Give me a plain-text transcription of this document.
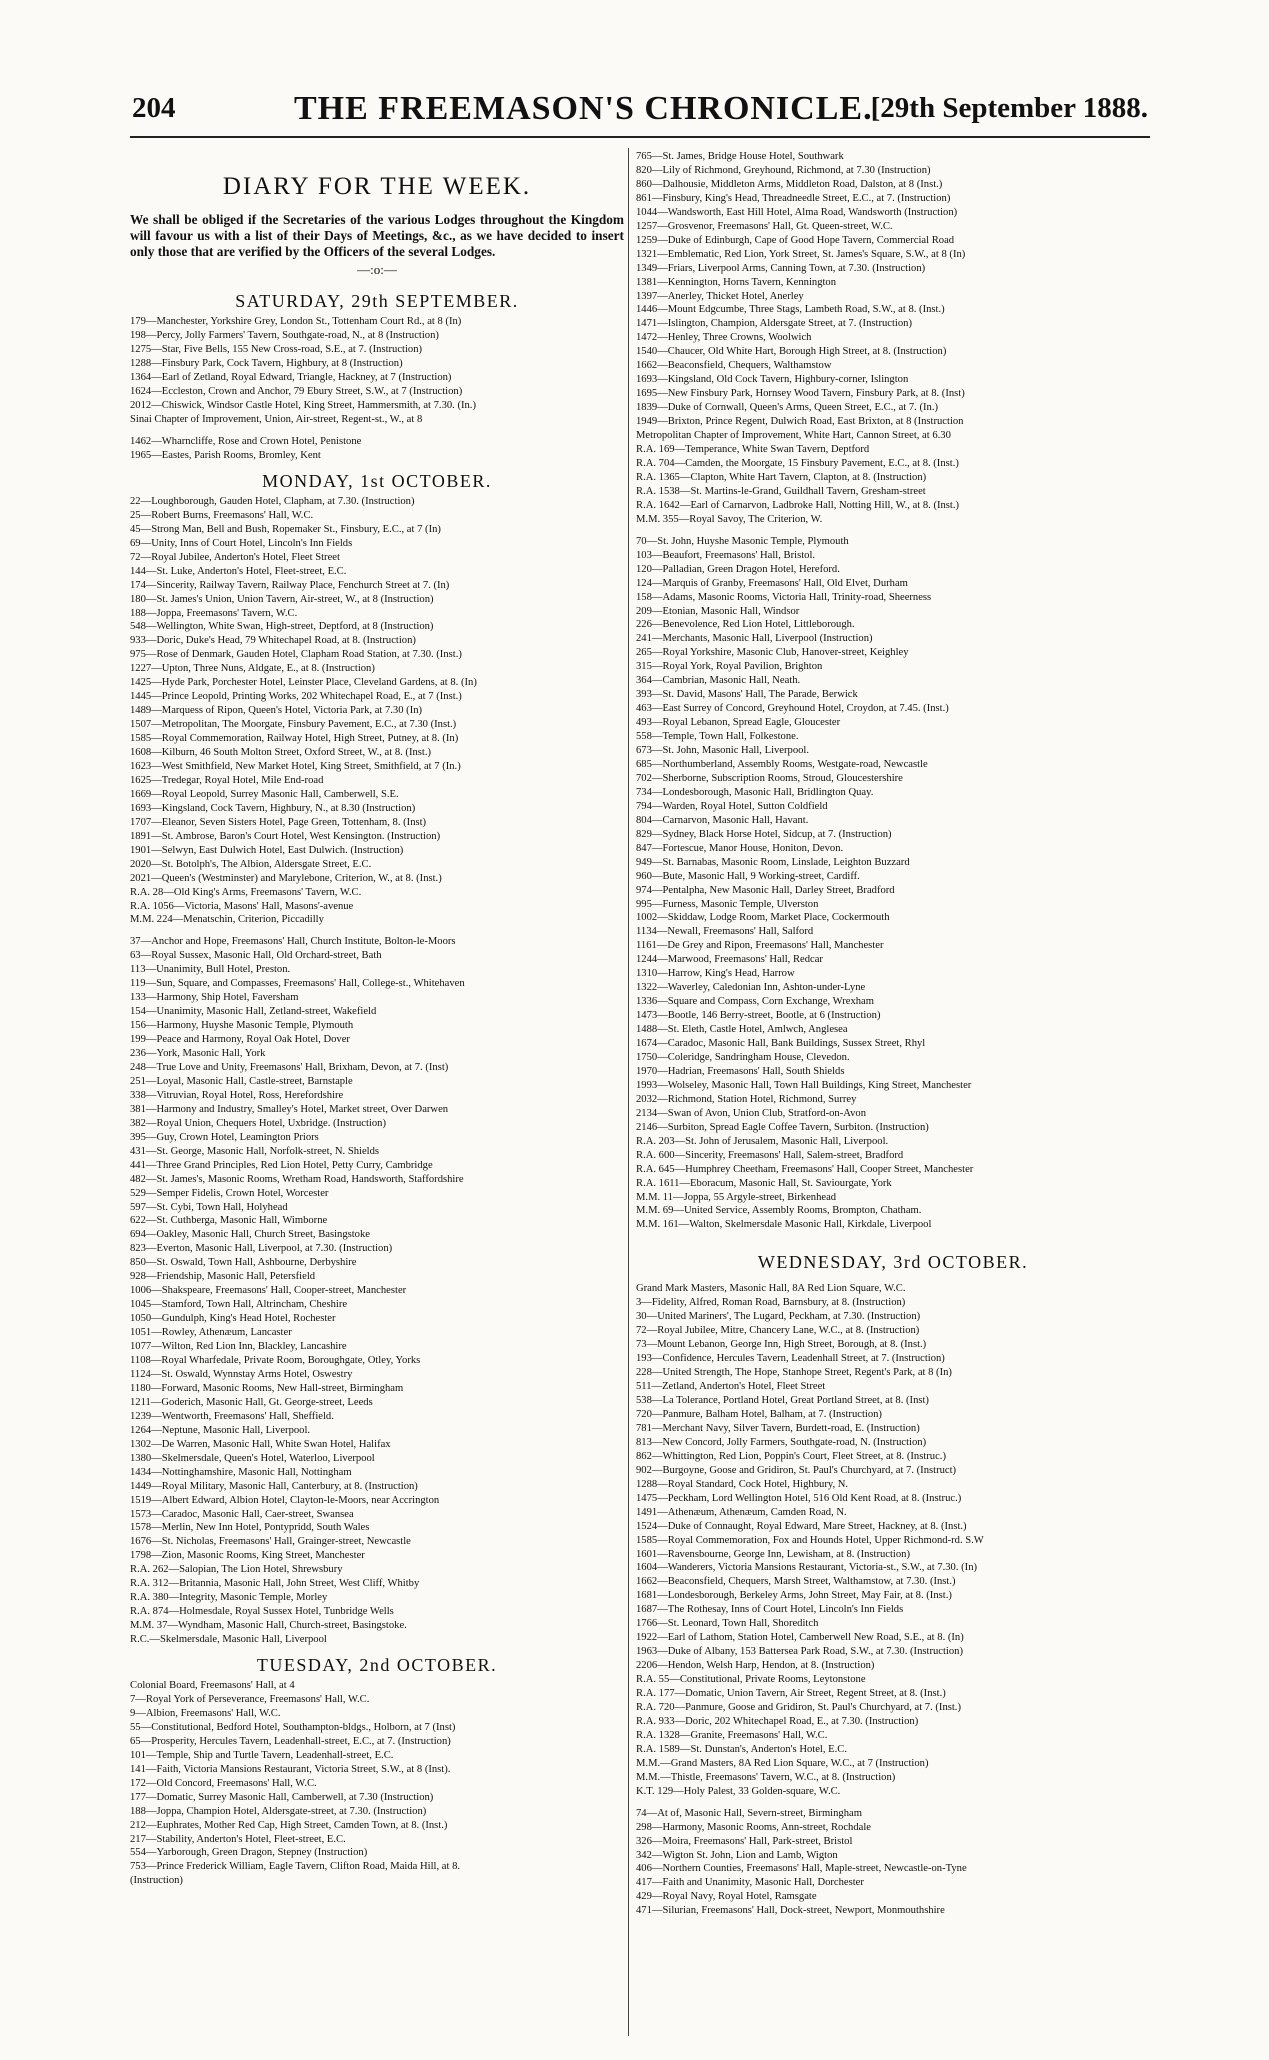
204	THE FREEMASON'S CHRONICLE.
[29th September 1888.
DIARY FOR THE WEEK.
We shall be obliged if the Secretaries of the various Lodges throughout the Kingdom will favour us with a list of their Days of Meetings, &c., as we have decided to insert only those that are verified by the Officers of the several Lodges.
—:o:—
SATURDAY, 29th SEPTEMBER.
179—Manchester, Yorkshire Grey, London St., Tottenham Court Rd., at 8 (In)
198—Percy, Jolly Farmers' Tavern, Southgate-road, N., at 8 (Instruction)
1275—Star, Five Bells, 155 New Cross-road, S.E., at 7. (Instruction)
1288—Finsbury Park, Cock Tavern, Highbury, at 8 (Instruction)
1364—Earl of Zetland, Royal Edward, Triangle, Hackney, at 7 (Instruction)
1624—Eccleston, Crown and Anchor, 79 Ebury Street, S.W., at 7 (Instruction)
2012—Chiswick, Windsor Castle Hotel, King Street, Hammersmith, at 7.30. (In.)
Sinai Chapter of Improvement, Union, Air-street, Regent-st., W., at 8
1462—Wharncliffe, Rose and Crown Hotel, Penistone
1965—Eastes, Parish Rooms, Bromley, Kent
MONDAY, 1st OCTOBER.
22—Loughborough, Gauden Hotel, Clapham, at 7.30. (Instruction)
25—Robert Burns, Freemasons' Hall, W.C.
45—Strong Man, Bell and Bush, Ropemaker St., Finsbury, E.C., at 7 (In)
69—Unity, Inns of Court Hotel, Lincoln's Inn Fields
72—Royal Jubilee, Anderton's Hotel, Fleet Street
144—St. Luke, Anderton's Hotel, Fleet-street, E.C.
174—Sincerity, Railway Tavern, Railway Place, Fenchurch Street at 7. (In)
180—St. James's Union, Union Tavern, Air-street, W., at 8 (Instruction)
188—Joppa, Freemasons' Tavern, W.C.
548—Wellington, White Swan, High-street, Deptford, at 8 (Instruction)
933—Doric, Duke's Head, 79 Whitechapel Road, at 8. (Instruction)
975—Rose of Denmark, Gauden Hotel, Clapham Road Station, at 7.30. (Inst.)
1227—Upton, Three Nuns, Aldgate, E., at 8. (Instruction)
1425—Hyde Park, Porchester Hotel, Leinster Place, Cleveland Gardens, at 8. (In)
1445—Prince Leopold, Printing Works, 202 Whitechapel Road, E., at 7 (Inst.)
1489—Marquess of Ripon, Queen's Hotel, Victoria Park, at 7.30 (In)
1507—Metropolitan, The Moorgate, Finsbury Pavement, E.C., at 7.30 (Inst.)
1585—Royal Commemoration, Railway Hotel, High Street, Putney, at 8. (In)
1608—Kilburn, 46 South Molton Street, Oxford Street, W., at 8. (Inst.)
1623—West Smithfield, New Market Hotel, King Street, Smithfield, at 7 (In.)
1625—Tredegar, Royal Hotel, Mile End-road
1669—Royal Leopold, Surrey Masonic Hall, Camberwell, S.E.
1693—Kingsland, Cock Tavern, Highbury, N., at 8.30 (Instruction)
1707—Eleanor, Seven Sisters Hotel, Page Green, Tottenham, 8. (Inst)
1891—St. Ambrose, Baron's Court Hotel, West Kensington. (Instruction)
1901—Selwyn, East Dulwich Hotel, East Dulwich. (Instruction)
2020—St. Botolph's, The Albion, Aldersgate Street, E.C.
2021—Queen's (Westminster) and Marylebone, Criterion, W., at 8. (Inst.)
R.A. 28—Old King's Arms, Freemasons' Tavern, W.C.
R.A. 1056—Victoria, Masons' Hall, Masons'-avenue
M.M. 224—Menatschin, Criterion, Piccadilly
37—Anchor and Hope, Freemasons' Hall, Church Institute, Bolton-le-Moors
63—Royal Sussex, Masonic Hall, Old Orchard-street, Bath
113—Unanimity, Bull Hotel, Preston.
119—Sun, Square, and Compasses, Freemasons' Hall, College-st., Whitehaven
133—Harmony, Ship Hotel, Faversham
154—Unanimity, Masonic Hall, Zetland-street, Wakefield
156—Harmony, Huyshe Masonic Temple, Plymouth
199—Peace and Harmony, Royal Oak Hotel, Dover
236—York, Masonic Hall, York
248—True Love and Unity, Freemasons' Hall, Brixham, Devon, at 7. (Inst)
251—Loyal, Masonic Hall, Castle-street, Barnstaple
338—Vitruvian, Royal Hotel, Ross, Herefordshire
381—Harmony and Industry, Smalley's Hotel, Market street, Over Darwen
382—Royal Union, Chequers Hotel, Uxbridge. (Instruction)
395—Guy, Crown Hotel, Leamington Priors
431—St. George, Masonic Hall, Norfolk-street, N. Shields
441—Three Grand Principles, Red Lion Hotel, Petty Curry, Cambridge
482—St. James's, Masonic Rooms, Wretham Road, Handsworth, Staffordshire
529—Semper Fidelis, Crown Hotel, Worcester
597—St. Cybi, Town Hall, Holyhead
622—St. Cuthberga, Masonic Hall, Wimborne
694—Oakley, Masonic Hall, Church Street, Basingstoke
823—Everton, Masonic Hall, Liverpool, at 7.30. (Instruction)
850—St. Oswald, Town Hall, Ashbourne, Derbyshire
928—Friendship, Masonic Hall, Petersfield
1006—Shakspeare, Freemasons' Hall, Cooper-street, Manchester
1045—Stamford, Town Hall, Altrincham, Cheshire
1050—Gundulph, King's Head Hotel, Rochester
1051—Rowley, Athenæum, Lancaster
1077—Wilton, Red Lion Inn, Blackley, Lancashire
1108—Royal Wharfedale, Private Room, Boroughgate, Otley, Yorks
1124—St. Oswald, Wynnstay Arms Hotel, Oswestry
1180—Forward, Masonic Rooms, New Hall-street, Birmingham
1211—Goderich, Masonic Hall, Gt. George-street, Leeds
1239—Wentworth, Freemasons' Hall, Sheffield.
1264—Neptune, Masonic Hall, Liverpool.
1302—De Warren, Masonic Hall, White Swan Hotel, Halifax
1380—Skelmersdale, Queen's Hotel, Waterloo, Liverpool
1434—Nottinghamshire, Masonic Hall, Nottingham
1449—Royal Military, Masonic Hall, Canterbury, at 8. (Instruction)
1519—Albert Edward, Albion Hotel, Clayton-le-Moors, near Accrington
1573—Caradoc, Masonic Hall, Caer-street, Swansea
1578—Merlin, New Inn Hotel, Pontypridd, South Wales
1676—St. Nicholas, Freemasons' Hall, Grainger-street, Newcastle
1798—Zion, Masonic Rooms, King Street, Manchester
R.A. 262—Salopian, The Lion Hotel, Shrewsbury
R.A. 312—Britannia, Masonic Hall, John Street, West Cliff, Whitby
R.A. 380—Integrity, Masonic Temple, Morley
R.A. 874—Holmesdale, Royal Sussex Hotel, Tunbridge Wells
M.M. 37—Wyndham, Masonic Hall, Church-street, Basingstoke.
R.C.—Skelmersdale, Masonic Hall, Liverpool
TUESDAY, 2nd OCTOBER.
Colonial Board, Freemasons' Hall, at 4
7—Royal York of Perseverance, Freemasons' Hall, W.C.
9—Albion, Freemasons' Hall, W.C.
55—Constitutional, Bedford Hotel, Southampton-bldgs., Holborn, at 7 (Inst)
65—Prosperity, Hercules Tavern, Leadenhall-street, E.C., at 7. (Instruction)
101—Temple, Ship and Turtle Tavern, Leadenhall-street, E.C.
141—Faith, Victoria Mansions Restaurant, Victoria Street, S.W., at 8 (Inst).
172—Old Concord, Freemasons' Hall, W.C.
177—Domatic, Surrey Masonic Hall, Camberwell, at 7.30 (Instruction)
188—Joppa, Champion Hotel, Aldersgate-street, at 7.30. (Instruction)
212—Euphrates, Mother Red Cap, High Street, Camden Town, at 8. (Inst.)
217—Stability, Anderton's Hotel, Fleet-street, E.C.
554—Yarborough, Green Dragon, Stepney (Instruction)
753—Prince Frederick William, Eagle Tavern, Clifton Road, Maida Hill, at 8.
(Instruction)
765—St. James, Bridge House Hotel, Southwark
820—Lily of Richmond, Greyhound, Richmond, at 7.30 (Instruction)
860—Dalhousie, Middleton Arms, Middleton Road, Dalston, at 8 (Inst.)
861—Finsbury, King's Head, Threadneedle Street, E.C., at 7. (Instruction)
1044—Wandsworth, East Hill Hotel, Alma Road, Wandsworth (Instruction)
1257—Grosvenor, Freemasons' Hall, Gt. Queen-street, W.C.
1259—Duke of Edinburgh, Cape of Good Hope Tavern, Commercial Road
1321—Emblematic, Red Lion, York Street, St. James's Square, S.W., at 8 (In)
1349—Friars, Liverpool Arms, Canning Town, at 7.30. (Instruction)
1381—Kennington, Horns Tavern, Kennington
1397—Anerley, Thicket Hotel, Anerley
1446—Mount Edgcumbe, Three Stags, Lambeth Road, S.W., at 8. (Inst.)
1471—Islington, Champion, Aldersgate Street, at 7. (Instruction)
1472—Henley, Three Crowns, Woolwich
1540—Chaucer, Old White Hart, Borough High Street, at 8. (Instruction)
1662—Beaconsfield, Chequers, Walthamstow
1693—Kingsland, Old Cock Tavern, Highbury-corner, Islington
1695—New Finsbury Park, Hornsey Wood Tavern, Finsbury Park, at 8. (Inst)
1839—Duke of Cornwall, Queen's Arms, Queen Street, E.C., at 7. (In.)
1949—Brixton, Prince Regent, Dulwich Road, East Brixton, at 8 (Instruction
Metropolitan Chapter of Improvement, White Hart, Cannon Street, at 6.30
R.A. 169—Temperance, White Swan Tavern, Deptford
R.A. 704—Camden, the Moorgate, 15 Finsbury Pavement, E.C., at 8. (Inst.)
R.A. 1365—Clapton, White Hart Tavern, Clapton, at 8. (Instruction)
R.A. 1538—St. Martins-le-Grand, Guildhall Tavern, Gresham-street
R.A. 1642—Earl of Carnarvon, Ladbroke Hall, Notting Hill, W., at 8. (Inst.)
M.M. 355—Royal Savoy, The Criterion, W.
70—St. John, Huyshe Masonic Temple, Plymouth
103—Beaufort, Freemasons' Hall, Bristol.
120—Palladian, Green Dragon Hotel, Hereford.
124—Marquis of Granby, Freemasons' Hall, Old Elvet, Durham
158—Adams, Masonic Rooms, Victoria Hall, Trinity-road, Sheerness
209—Etonian, Masonic Hall, Windsor
226—Benevolence, Red Lion Hotel, Littleborough.
241—Merchants, Masonic Hall, Liverpool (Instruction)
265—Royal Yorkshire, Masonic Club, Hanover-street, Keighley
315—Royal York, Royal Pavilion, Brighton
364—Cambrian, Masonic Hall, Neath.
393—St. David, Masons' Hall, The Parade, Berwick
463—East Surrey of Concord, Greyhound Hotel, Croydon, at 7.45. (Inst.)
493—Royal Lebanon, Spread Eagle, Gloucester
558—Temple, Town Hall, Folkestone.
673—St. John, Masonic Hall, Liverpool.
685—Northumberland, Assembly Rooms, Westgate-road, Newcastle
702—Sherborne, Subscription Rooms, Stroud, Gloucestershire
734—Londesborough, Masonic Hall, Bridlington Quay.
794—Warden, Royal Hotel, Sutton Coldfield
804—Carnarvon, Masonic Hall, Havant.
829—Sydney, Black Horse Hotel, Sidcup, at 7. (Instruction)
847—Fortescue, Manor House, Honiton, Devon.
949—St. Barnabas, Masonic Room, Linslade, Leighton Buzzard
960—Bute, Masonic Hall, 9 Working-street, Cardiff.
974—Pentalpha, New Masonic Hall, Darley Street, Bradford
995—Furness, Masonic Temple, Ulverston
1002—Skiddaw, Lodge Room, Market Place, Cockermouth
1134—Newall, Freemasons' Hall, Salford
1161—De Grey and Ripon, Freemasons' Hall, Manchester
1244—Marwood, Freemasons' Hall, Redcar
1310—Harrow, King's Head, Harrow
1322—Waverley, Caledonian Inn, Ashton-under-Lyne
1336—Square and Compass, Corn Exchange, Wrexham
1473—Bootle, 146 Berry-street, Bootle, at 6 (Instruction)
1488—St. Eleth, Castle Hotel, Amlwch, Anglesea
1674—Caradoc, Masonic Hall, Bank Buildings, Sussex Street, Rhyl
1750—Coleridge, Sandringham House, Clevedon.
1970—Hadrian, Freemasons' Hall, South Shields
1993—Wolseley, Masonic Hall, Town Hall Buildings, King Street, Manchester
2032—Richmond, Station Hotel, Richmond, Surrey
2134—Swan of Avon, Union Club, Stratford-on-Avon
2146—Surbiton, Spread Eagle Coffee Tavern, Surbiton. (Instruction)
R.A. 203—St. John of Jerusalem, Masonic Hall, Liverpool.
R.A. 600—Sincerity, Freemasons' Hall, Salem-street, Bradford
R.A. 645—Humphrey Cheetham, Freemasons' Hall, Cooper Street, Manchester
R.A. 1611—Eboracum, Masonic Hall, St. Saviourgate, York
M.M. 11—Joppa, 55 Argyle-street, Birkenhead
M.M. 69—United Service, Assembly Rooms, Brompton, Chatham.
M.M. 161—Walton, Skelmersdale Masonic Hall, Kirkdale, Liverpool
WEDNESDAY, 3rd OCTOBER.
Grand Mark Masters, Masonic Hall, 8A Red Lion Square, W.C.
3—Fidelity, Alfred, Roman Road, Barnsbury, at 8. (Instruction)
30—United Mariners', The Lugard, Peckham, at 7.30. (Instruction)
72—Royal Jubilee, Mitre, Chancery Lane, W.C., at 8. (Instruction)
73—Mount Lebanon, George Inn, High Street, Borough, at 8. (Inst.)
193—Confidence, Hercules Tavern, Leadenhall Street, at 7. (Instruction)
228—United Strength, The Hope, Stanhope Street, Regent's Park, at 8 (In)
511—Zetland, Anderton's Hotel, Fleet Street
538—La Tolerance, Portland Hotel, Great Portland Street, at 8. (Inst)
720—Panmure, Balham Hotel, Balham, at 7. (Instruction)
781—Merchant Navy, Silver Tavern, Burdett-road, E. (Instruction)
813—New Concord, Jolly Farmers, Southgate-road, N. (Instruction)
862—Whittington, Red Lion, Poppin's Court, Fleet Street, at 8. (Instruc.)
902—Burgoyne, Goose and Gridiron, St. Paul's Churchyard, at 7. (Instruct)
1288—Royal Standard, Cock Hotel, Highbury, N.
1475—Peckham, Lord Wellington Hotel, 516 Old Kent Road, at 8. (Instruc.)
1491—Athenæum, Athenæum, Camden Road, N.
1524—Duke of Connaught, Royal Edward, Mare Street, Hackney, at 8. (Inst.)
1585—Royal Commemoration, Fox and Hounds Hotel, Upper Richmond-rd. S.W
1601—Ravensbourne, George Inn, Lewisham, at 8. (Instruction)
1604—Wanderers, Victoria Mansions Restaurant, Victoria-st., S.W., at 7.30. (In)
1662—Beaconsfield, Chequers, Marsh Street, Walthamstow, at 7.30. (Inst.)
1681—Londesborough, Berkeley Arms, John Street, May Fair, at 8. (Inst.)
1687—The Rothesay, Inns of Court Hotel, Lincoln's Inn Fields
1766—St. Leonard, Town Hall, Shoreditch
1922—Earl of Lathom, Station Hotel, Camberwell New Road, S.E., at 8. (In)
1963—Duke of Albany, 153 Battersea Park Road, S.W., at 7.30. (Instruction)
2206—Hendon, Welsh Harp, Hendon, at 8. (Instruction)
R.A. 55—Constitutional, Private Rooms, Leytonstone
R.A. 177—Domatic, Union Tavern, Air Street, Regent Street, at 8. (Inst.)
R.A. 720—Panmure, Goose and Gridiron, St. Paul's Churchyard, at 7. (Inst.)
R.A. 933—Doric, 202 Whitechapel Road, E., at 7.30. (Instruction)
R.A. 1328—Granite, Freemasons' Hall, W.C.
R.A. 1589—St. Dunstan's, Anderton's Hotel, E.C.
M.M.—Grand Masters, 8A Red Lion Square, W.C., at 7 (Instruction)
M.M.—Thistle, Freemasons' Tavern, W.C., at 8. (Instruction)
K.T. 129—Holy Palest, 33 Golden-square, W.C.
74—At of, Masonic Hall, Severn-street, Birmingham
298—Harmony, Masonic Rooms, Ann-street, Rochdale
326—Moira, Freemasons' Hall, Park-street, Bristol
342—Wigton St. John, Lion and Lamb, Wigton
406—Northern Counties, Freemasons' Hall, Maple-street, Newcastle-on-Tyne
417—Faith and Unanimity, Masonic Hall, Dorchester
429—Royal Navy, Royal Hotel, Ramsgate
471—Silurian, Freemasons' Hall, Dock-street, Newport, Monmouthshire
